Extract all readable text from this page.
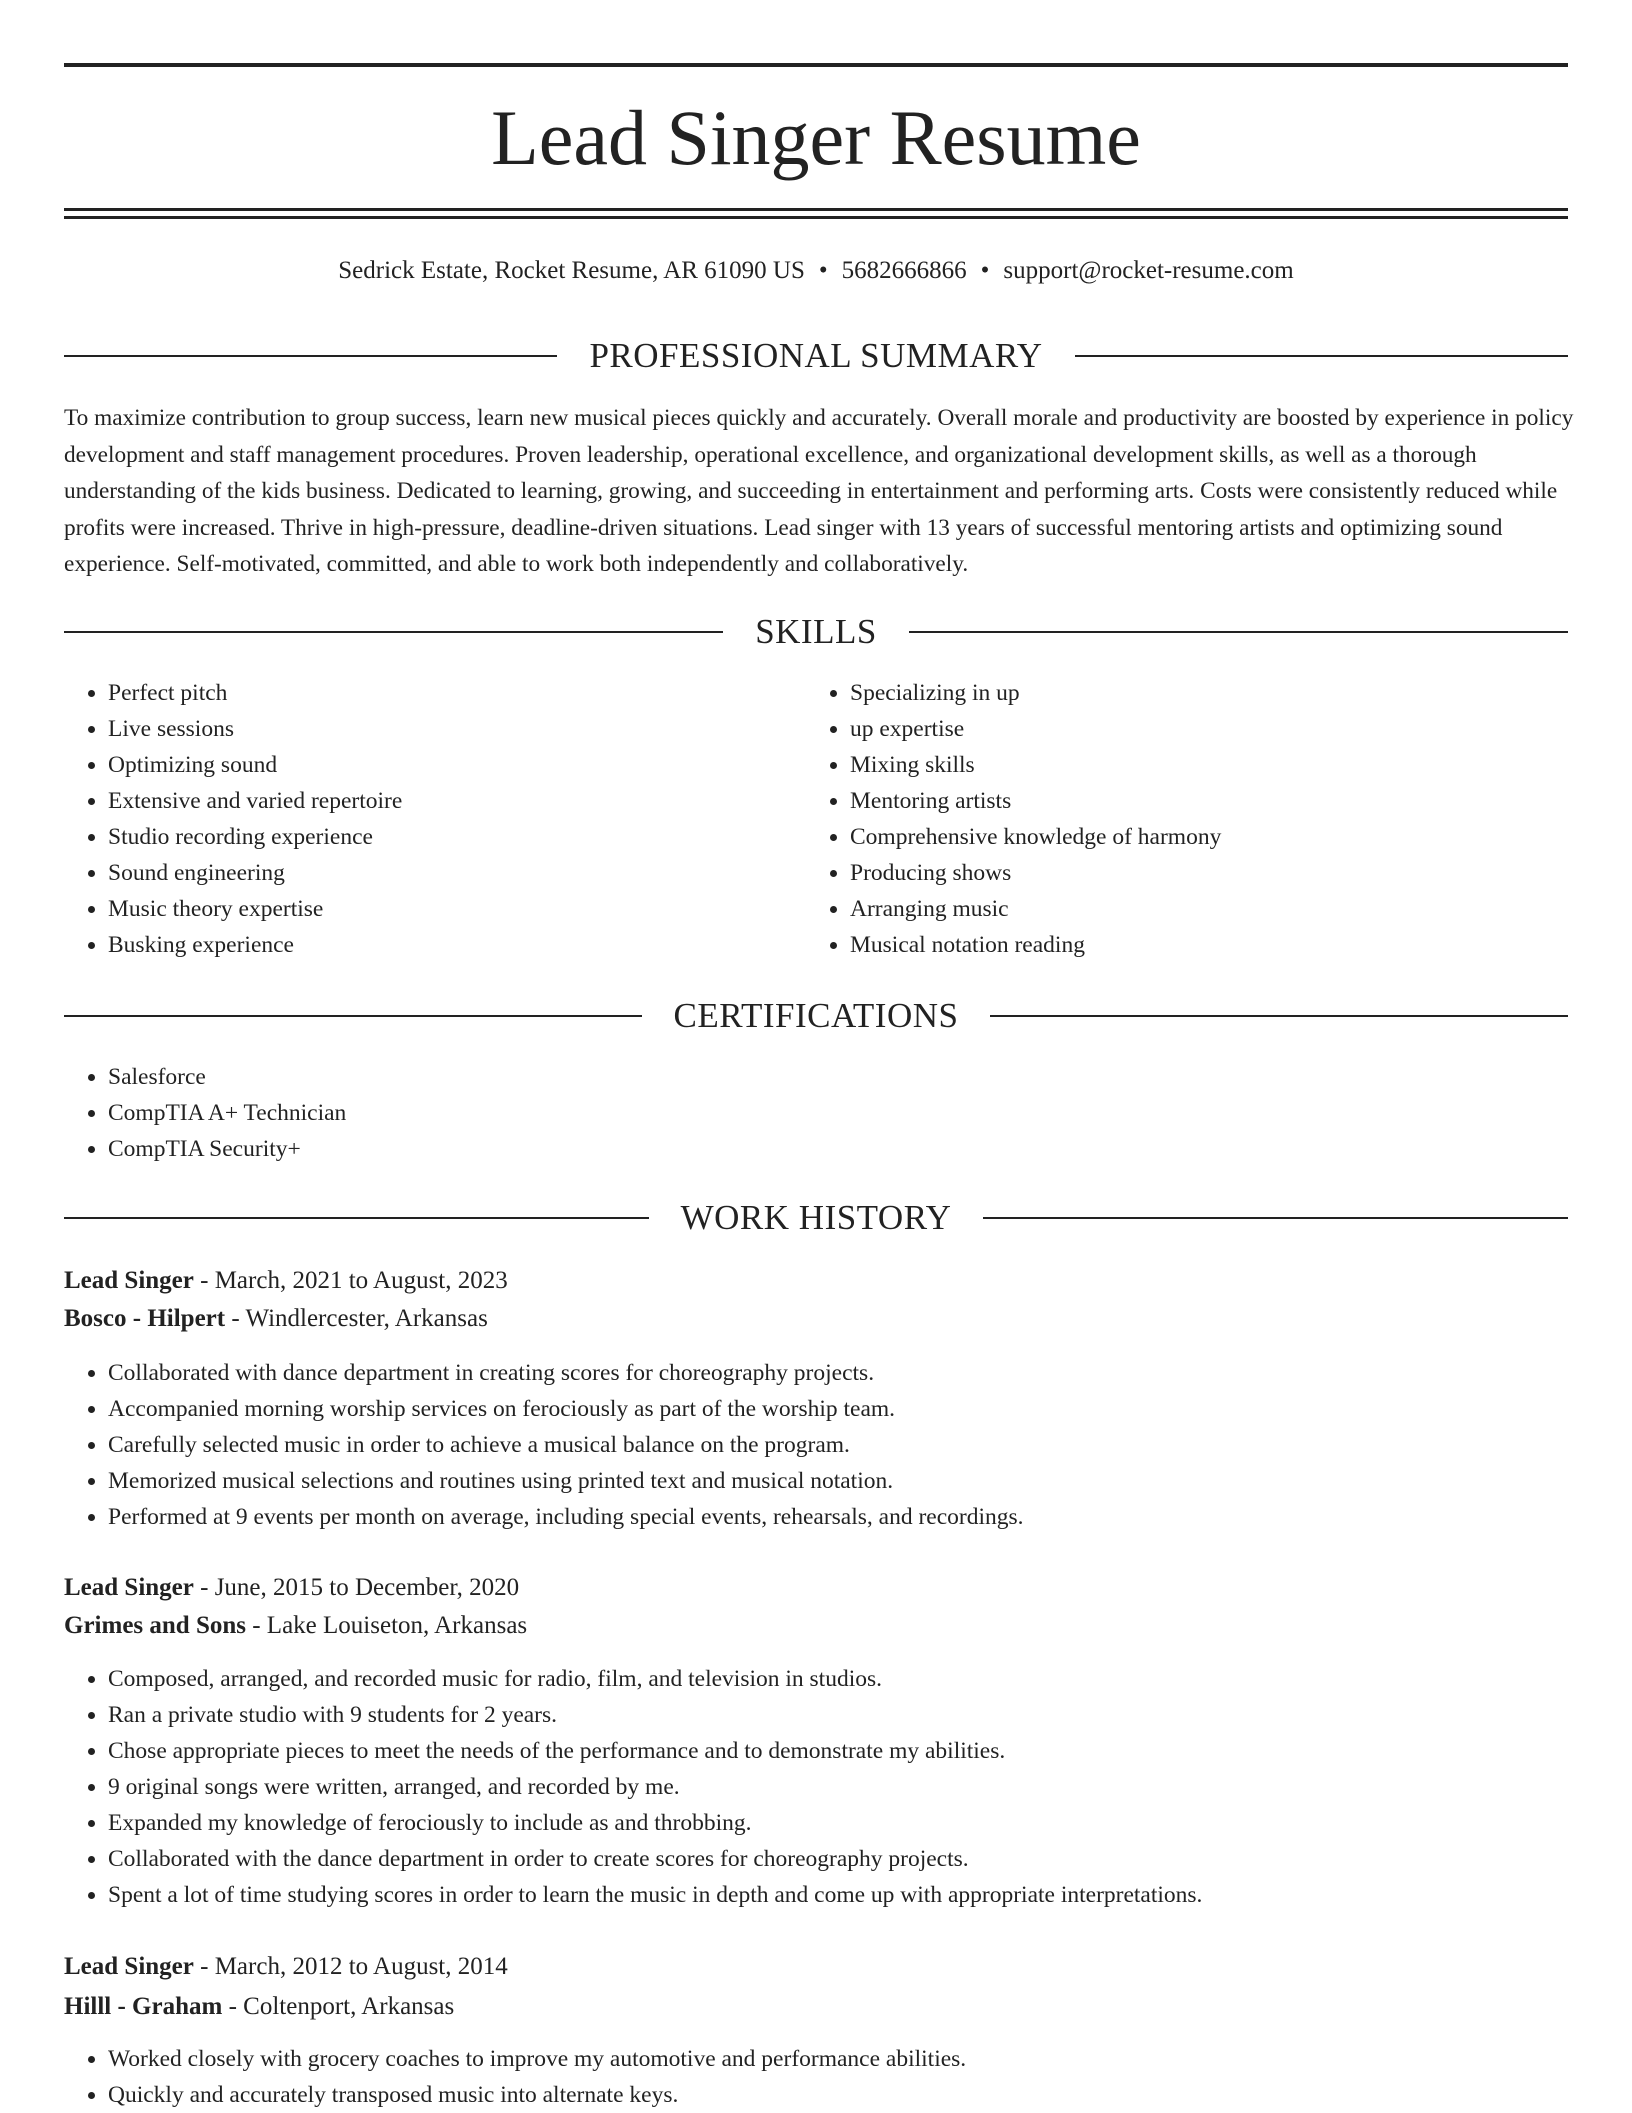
Lead Singer Resume
Sedrick Estate, Rocket Resume, AR 61090 US • 5682666866 • support@rocket-resume.com
PROFESSIONAL SUMMARY

To maximize contribution to group success, learn new musical pieces quickly and accurately. Overall morale and productivity are boosted by experience in policy development and staff management procedures. Proven leadership, operational excellence, and organizational development skills, as well as a thorough understanding of the kids business. Dedicated to learning, growing, and succeeding in entertainment and performing arts. Costs were consistently reduced while profits were increased. Thrive in high-pressure, deadline-driven situations. Lead singer with 13 years of successful mentoring artists and optimizing sound experience. Self-motivated, committed, and able to work both independently and collaboratively.

SKILLS
• Perfect pitch
• Live sessions
• Optimizing sound
• Extensive and varied repertoire
• Studio recording experience
• Sound engineering
• Music theory expertise
• Busking experience
• Specializing in up
• up expertise
• Mixing skills
• Mentoring artists
• Comprehensive knowledge of harmony
• Producing shows
• Arranging music
• Musical notation reading
CERTIFICATIONS
• Salesforce
• CompTIA A+ Technician
• CompTIA Security+
WORK HISTORY
Lead Singer - March, 2021 to August, 2023
Bosco - Hilpert - Windlercester, Arkansas
• Collaborated with dance department in creating scores for choreography projects.
• Accompanied morning worship services on ferociously as part of the worship team.
• Carefully selected music in order to achieve a musical balance on the program.
• Memorized musical selections and routines using printed text and musical notation.
• Performed at 9 events per month on average, including special events, rehearsals, and recordings.
Lead Singer - June, 2015 to December, 2020
Grimes and Sons - Lake Louiseton, Arkansas
• Composed, arranged, and recorded music for radio, film, and television in studios.
• Ran a private studio with 9 students for 2 years.
• Chose appropriate pieces to meet the needs of the performance and to demonstrate my abilities.
• 9 original songs were written, arranged, and recorded by me.
• Expanded my knowledge of ferociously to include as and throbbing.
• Collaborated with the dance department in order to create scores for choreography projects.
• Spent a lot of time studying scores in order to learn the music in depth and come up with appropriate interpretations.
Lead Singer - March, 2012 to August, 2014
Hilll - Graham - Coltenport, Arkansas
• Worked closely with grocery coaches to improve my automotive and performance abilities.
• Quickly and accurately transposed music into alternate keys.
